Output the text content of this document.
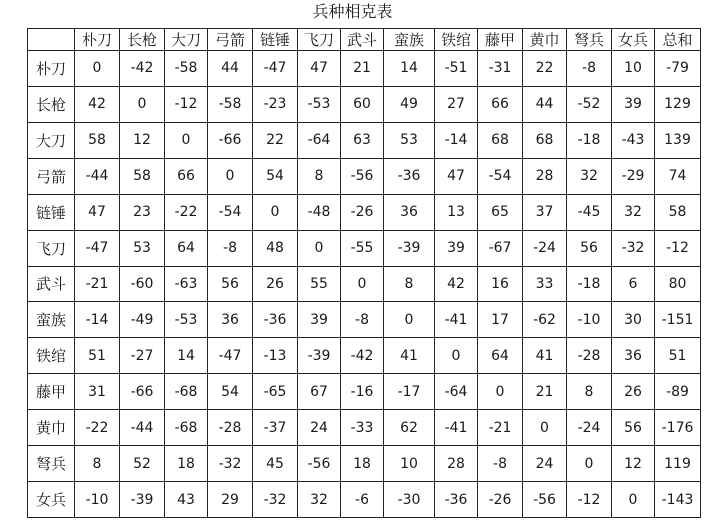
兵种相克表
	朴刀	长枪	大刀	弓箭	链锤	飞刀	武斗	蛮族	铁绾	藤甲	黄巾	弩兵	女兵	总和
朴刀	0	-42	-58	44	-47	47	21	14	-51	-31	22	-8	10	-79
长枪	42	0	-12	-58	-23	-53	60	49	27	66	44	-52	39	129
大刀	58	12	0	-66	22	-64	63	53	-14	68	68	-18	-43	139
弓箭	-44	58	66	0	54	8	-56	-36	47	-54	28	32	-29	74
链锤	47	23	-22	-54	0	-48	-26	36	13	65	37	-45	32	58
飞刀	-47	53	64	-8	48	0	-55	-39	39	-67	-24	56	-32	-12
武斗	-21	-60	-63	56	26	55	0	8	42	16	33	-18	6	80
蛮族	-14	-49	-53	36	-36	39	-8	0	-41	17	-62	-10	30	-151
铁绾	51	-27	14	-47	-13	-39	-42	41	0	64	41	-28	36	51
藤甲	31	-66	-68	54	-65	67	-16	-17	-64	0	21	8	26	-89
黄巾	-22	-44	-68	-28	-37	24	-33	62	-41	-21	0	-24	56	-176
弩兵	8	52	18	-32	45	-56	18	10	28	-8	24	0	12	119
女兵	-10	-39	43	29	-32	32	-6	-30	-36	-26	-56	-12	0	-143
